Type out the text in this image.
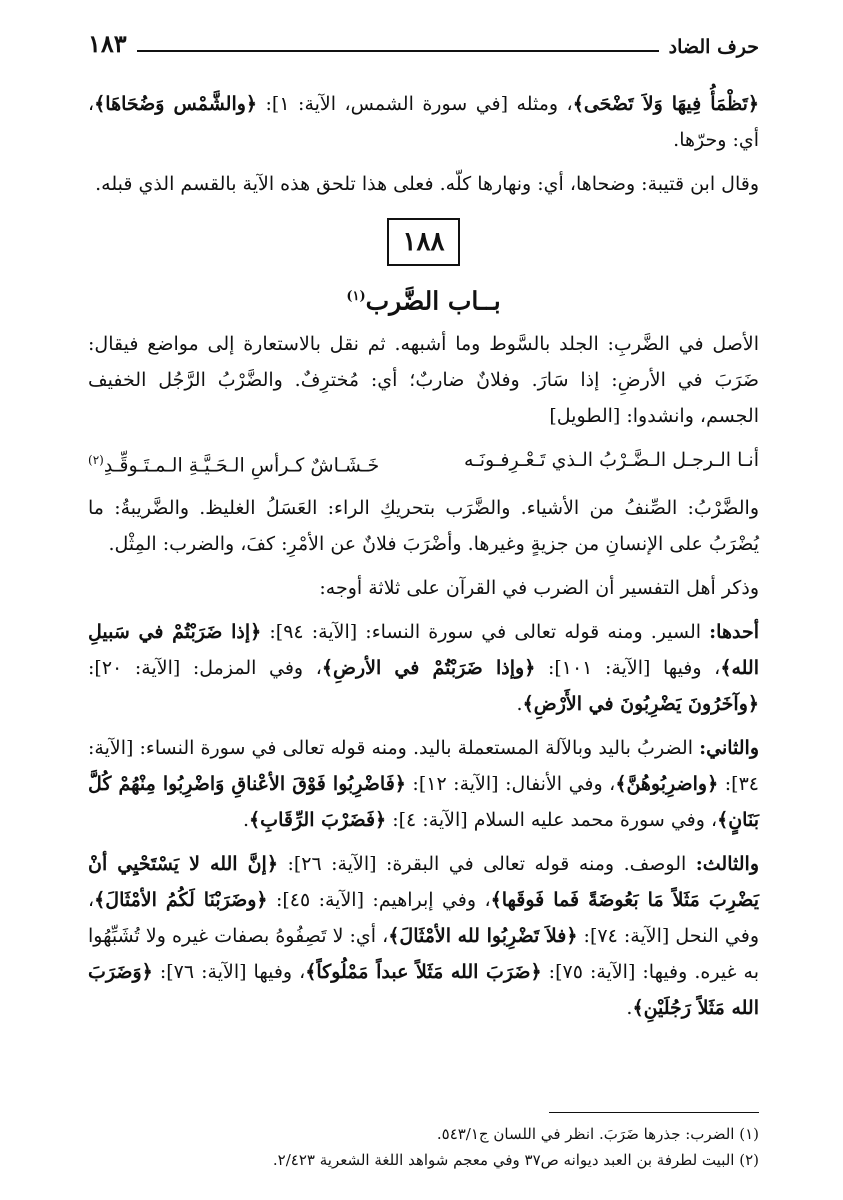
حرف الضاد
١٨٣

﴿تَظْمَأُ فِيهَا وَلاَ تَضْحَى﴾، ومثله [في سورة الشمس، الآية: ١]: ﴿والشَّمْس وَضُحَاهَا﴾، أي: وحرّها.

وقال ابن قتيبة: وضحاها، أي: ونهارها كلّه. فعلى هذا تلحق هذه الآية بالقسم الذي قبله.

١٨٨
بــاب الضَّرب$^{(١)}$

الأصل في الضَّربِ: الجلد بالسَّوط وما أشبهه. ثم نقل بالاستعارة إلى مواضع فيقال: ضَرَبَ في الأرضِ: إذا سَارَ. وفلانٌ ضاربٌ؛ أي: مُخترِفٌ. والضَّرْبُ الرَّجُل الخفيف الجسم، وانشدوا: [الطويل]

أنـا الـرجـل الـضَّـرْبُ الـذي تَـعْـرِفـونَـه
خَـشَـاشٌ كـرأسِ الـحَـيَّـةِ الـمـتَـوقِّـدِ$^{(٢)}$

والضَّرْبُ: الصِّنفُ من الأشياء. والضَّرَب بتحريكِ الراء: العَسَلُ الغليظ. والضَّريبةُ: ما يُضْرَبُ على الإنسانِ من جزيةٍ وغيرها. وأضْرَبَ فلانٌ عن الأمْرِ: كفَ، والضرب: المِثْل.

وذكر أهل التفسير أن الضرب في القرآن على ثلاثة أوجه:

أحدها: السير. ومنه قوله تعالى في سورة النساء: [الآية: ٩٤]: ﴿إذا ضَرَبْتُمْ في سَبيلِ الله﴾، وفيها [الآية: ١٠١]: ﴿وإذا ضَرَبْتُمْ في الأرضِ﴾، وفي المزمل: [الآية: ٢٠]: ﴿وآخَرُونَ يَضْرِبُونَ في الأَرْضِ﴾.

والثاني: الضربُ باليد وبالآلة المستعملة باليد. ومنه قوله تعالى في سورة النساء: [الآية: ٣٤]: ﴿واضرِبُوهُنَّ﴾، وفي الأنفال: [الآية: ١٢]: ﴿فَاضْرِبُوا فَوْقَ الأعْناقِ وَاضْرِبُوا مِنْهُمْ كُلَّ بَنَانٍ﴾، وفي سورة محمد عليه السلام [الآية: ٤]: ﴿فَضَرْبَ الرِّقَابِ﴾.

والثالث: الوصف. ومنه قوله تعالى في البقرة: [الآية: ٢٦]: ﴿إنَّ الله لا يَسْتَحْيِي أنْ يَضْرِبَ مَثَلاً مَا بَعُوضَةً فَما فَوقَها﴾، وفي إبراهيم: [الآية: ٤٥]: ﴿وضَرَبْنَا لَكُمُ الأمْثَالَ﴾، وفي النحل [الآية: ٧٤]: ﴿فلاَ تَضْرِبُوا لله الأمْثَالَ﴾، أي: لا تَصِفُوهُ بصفات غيره ولا تُشَبِّهُوا به غيره. وفيها: [الآية: ٧٥]: ﴿ضَرَبَ الله مَثَلاً عبداً مَمْلُوكاً﴾، وفيها [الآية: ٧٦]: ﴿وَضَرَبَ الله مَثَلاً رَجُلَيْنِ﴾.

(١) الضرب: جذرها ضَرَبَ. انظر في اللسان ج٥٤٣/١.

(٢) البيت لطرفة بن العبد ديوانه ص٣٧ وفي معجم شواهد اللغة الشعرية ٢/٤٢٣.
